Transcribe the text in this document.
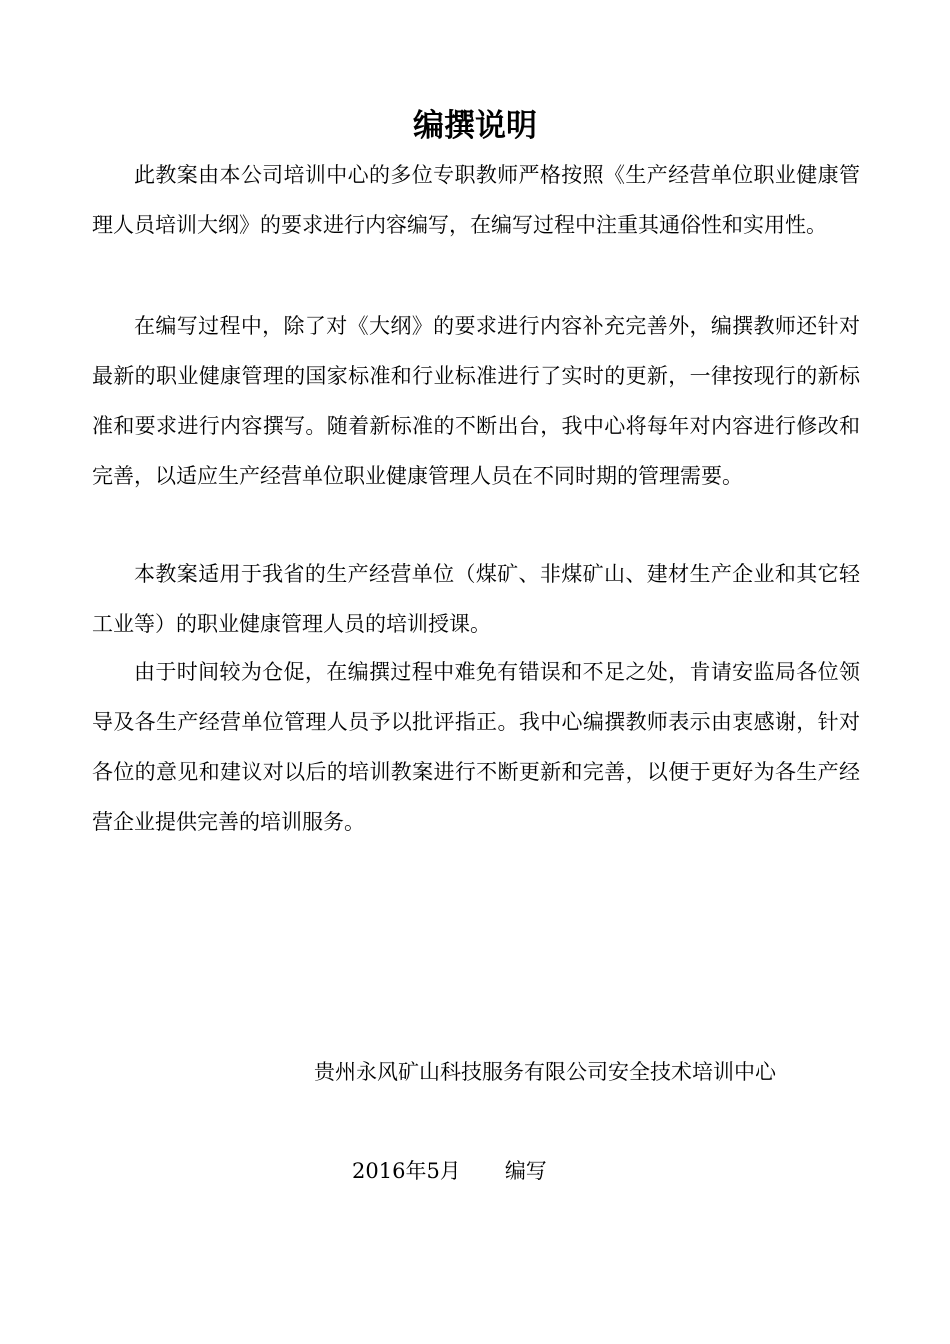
编撰说明

此教案由本公司培训中心的多位专职教师严格按照《生产经营单位职业健康管理人员培训大纲》的要求进行内容编写，在编写过程中注重其通俗性和实用性。

在编写过程中，除了对《大纲》的要求进行内容补充完善外，编撰教师还针对最新的职业健康管理的国家标准和行业标准进行了实时的更新，一律按现行的新标准和要求进行内容撰写。随着新标准的不断出台，我中心将每年对内容进行修改和完善，以适应生产经营单位职业健康管理人员在不同时期的管理需要。

本教案适用于我省的生产经营单位（煤矿、非煤矿山、建材生产企业和其它轻工业等）的职业健康管理人员的培训授课。

由于时间较为仓促，在编撰过程中难免有错误和不足之处，肯请安监局各位领导及各生产经营单位管理人员予以批评指正。我中心编撰教师表示由衷感谢，针对各位的意见和建议对以后的培训教案进行不断更新和完善，以便于更好为各生产经营企业提供完善的培训服务。

贵州永风矿山科技服务有限公司安全技术培训中心

2016年5月 编写
